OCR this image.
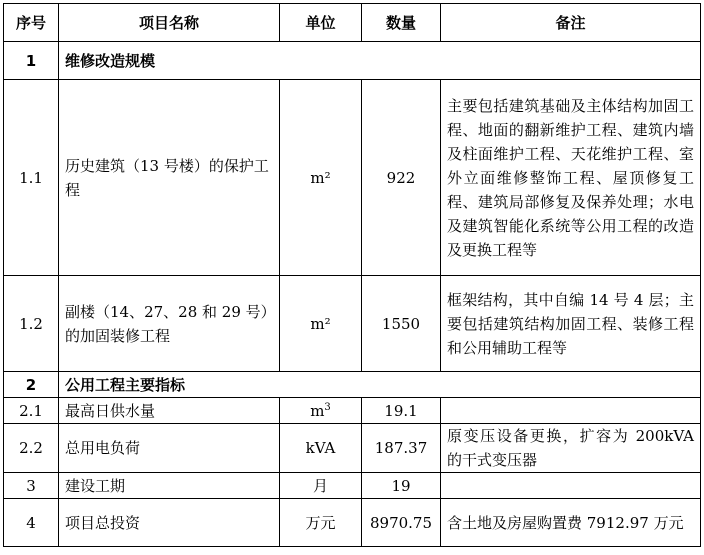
序号	项目名称	单位	数量	备注
1	维修改造规模			
1.1	历史建筑（13 号楼）的保护工程	m²	922	主要包括建筑基础及主体结构加固工程、地面的翻新维护工程、建筑内墙及柱面维护工程、天花维护工程、室外立面维修整饰工程、屋顶修复工程、建筑局部修复及保养处理；水电及建筑智能化系统等公用工程的改造及更换工程等
1.2	副楼（14、27、28 和 29 号）的加固装修工程	m²	1550	框架结构，其中自编 14 号 4 层；主要包括建筑结构加固工程、装修工程和公用辅助工程等
2	公用工程主要指标			
2.1	最高日供水量	$m^3$	19.1	
2.2	总用电负荷	kVA	187.37	原变压设备更换，扩容为 200kVA 的干式变压器
3	建设工期	月	19	
4	项目总投资	万元	8970.75	含土地及房屋购置费 7912.97 万元
